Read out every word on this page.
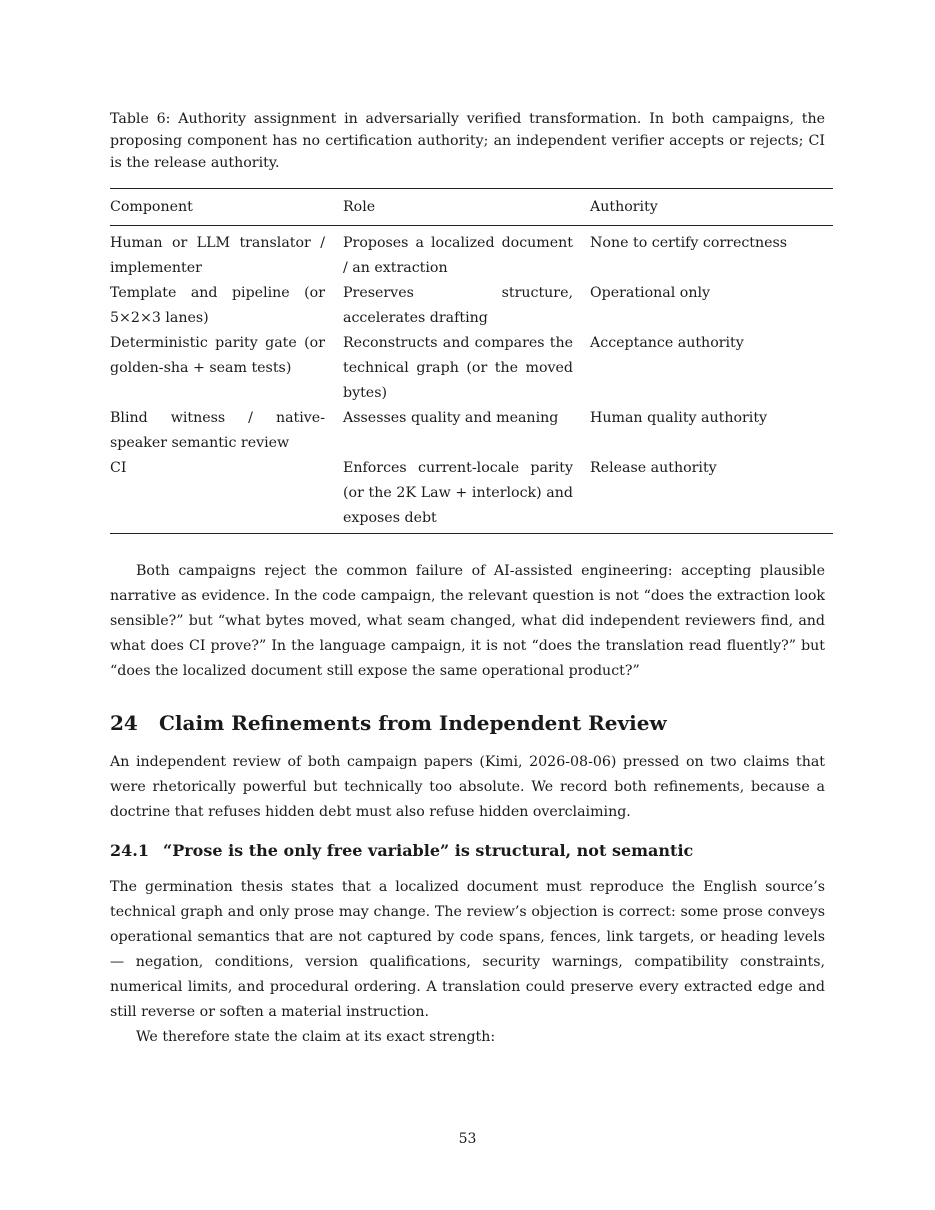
Table 6: Authority assignment in adversarially verified transformation. In both campaigns, the proposing component has no certification authority; an independent verifier accepts or rejects; CI is the release authority.

Component	Role	Authority

Human or LLM translator / implementer	Proposes a localized document / an extraction	None to certify correctness

Template and pipeline (or 5×2×3 lanes)	Preserves structure, accelerates drafting	Operational only

Deterministic parity gate (or golden-sha + seam tests)	Reconstructs and compares the technical graph (or the moved bytes)	Acceptance authority

Blind witness / native-speaker semantic review	Assesses quality and meaning	Human quality authority

CI	Enforces current-locale parity (or the 2K Law + interlock) and exposes debt	Release authority

Both campaigns reject the common failure of AI-assisted engineering: accepting plausible narrative as evidence. In the code campaign, the relevant question is not “does the extraction look sensible?” but “what bytes moved, what seam changed, what did independent reviewers find, and what does CI prove?” In the language campaign, it is not “does the translation read fluently?” but “does the localized document still expose the same operational product?”

24 Claim Refinements from Independent Review

An independent review of both campaign papers (Kimi, 2026-08-06) pressed on two claims that were rhetorically powerful but technically too absolute. We record both refinements, because a doctrine that refuses hidden debt must also refuse hidden overclaiming.

24.1 “Prose is the only free variable” is structural, not semantic

The germination thesis states that a localized document must reproduce the English source’s technical graph and only prose may change. The review’s objection is correct: some prose conveys operational semantics that are not captured by code spans, fences, link targets, or heading levels — negation, conditions, version qualifications, security warnings, compatibility constraints, numerical limits, and procedural ordering. A translation could preserve every extracted edge and still reverse or soften a material instruction.

We therefore state the claim at its exact strength:

53
